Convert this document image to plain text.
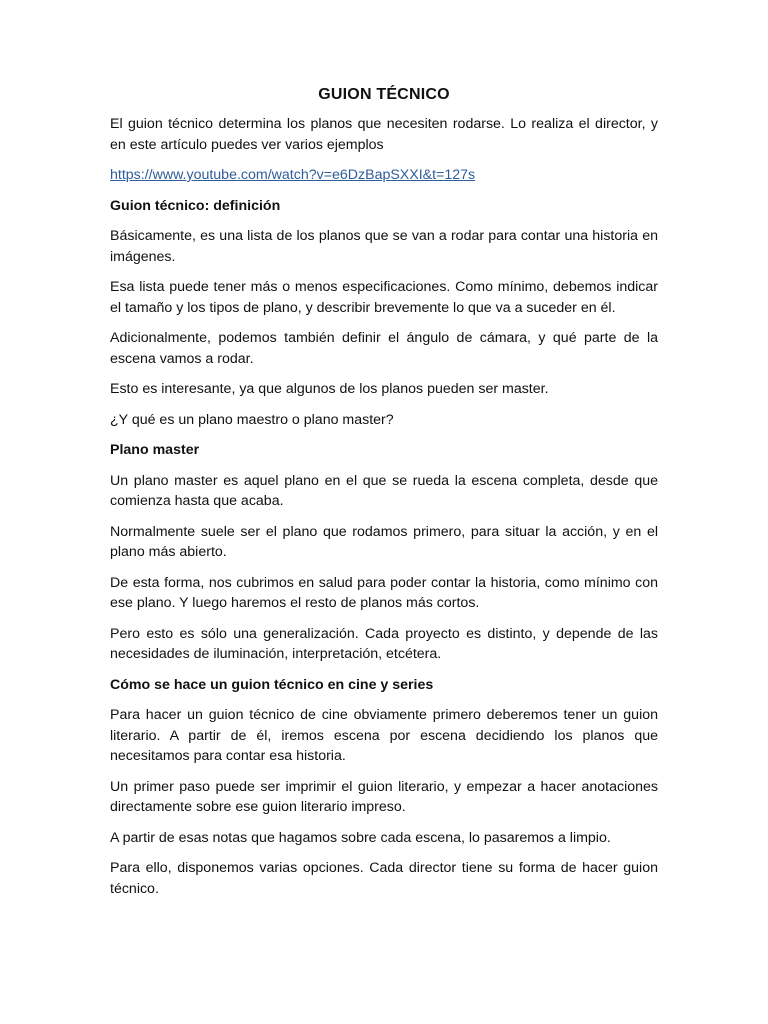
GUION TÉCNICO

El guion técnico determina los planos que necesiten rodarse. Lo realiza el director, y en este artículo puedes ver varios ejemplos

https://www.youtube.com/watch?v=e6DzBapSXXI&t=127s

Guion técnico: definición

Básicamente, es una lista de los planos que se van a rodar para contar una historia en imágenes.

Esa lista puede tener más o menos especificaciones. Como mínimo, debemos indicar el tamaño y los tipos de plano, y describir brevemente lo que va a suceder en él.

Adicionalmente, podemos también definir el ángulo de cámara, y qué parte de la escena vamos a rodar.

Esto es interesante, ya que algunos de los planos pueden ser master.

¿Y qué es un plano maestro o plano master?

Plano master

Un plano master es aquel plano en el que se rueda la escena completa, desde que comienza hasta que acaba.

Normalmente suele ser el plano que rodamos primero, para situar la acción, y en el plano más abierto.

De esta forma, nos cubrimos en salud para poder contar la historia, como mínimo con ese plano. Y luego haremos el resto de planos más cortos.

Pero esto es sólo una generalización. Cada proyecto es distinto, y depende de las necesidades de iluminación, interpretación, etcétera.

Cómo se hace un guion técnico en cine y series

Para hacer un guion técnico de cine obviamente primero deberemos tener un guion literario. A partir de él, iremos escena por escena decidiendo los planos que necesitamos para contar esa historia.

Un primer paso puede ser imprimir el guion literario, y empezar a hacer anotaciones directamente sobre ese guion literario impreso.

A partir de esas notas que hagamos sobre cada escena, lo pasaremos a limpio.

Para ello, disponemos varias opciones. Cada director tiene su forma de hacer guion técnico.
